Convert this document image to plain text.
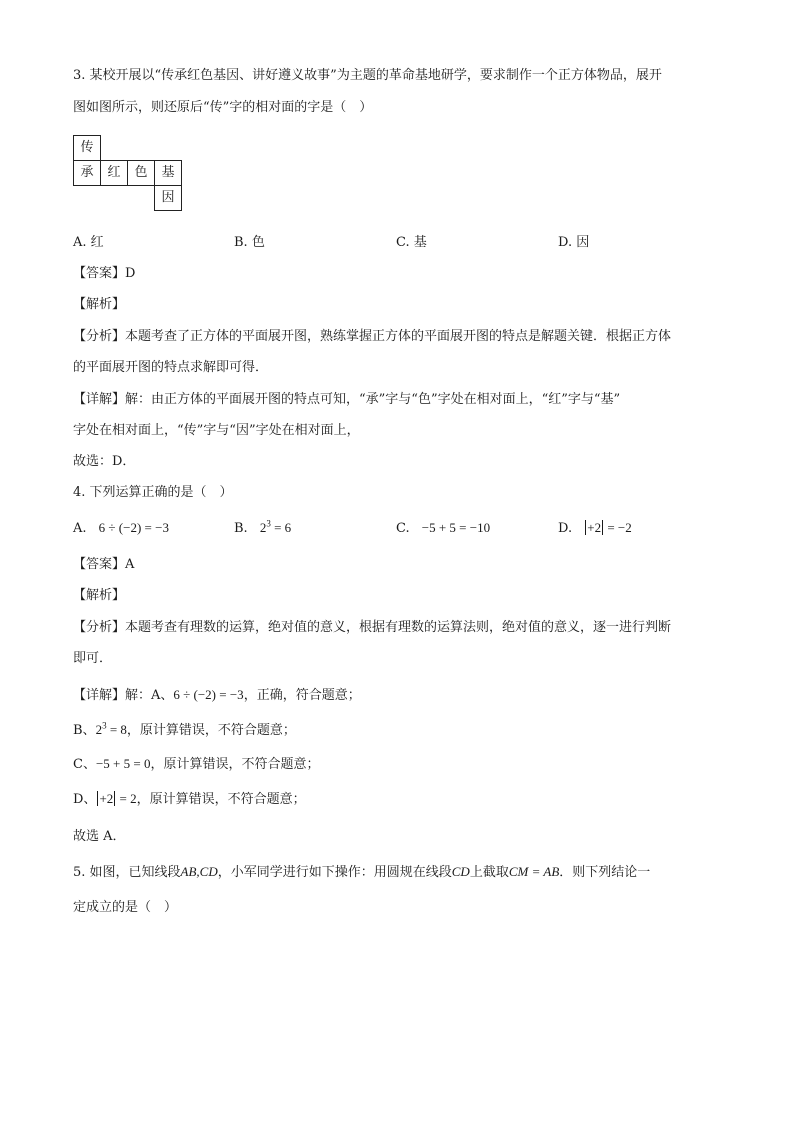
3. 某校开展以“传承红色基因、讲好遵义故事”为主题的革命基地研学，要求制作一个正方体物品，展开
图如图所示，则还原后“传”字的相对面的字是（　）
传			
承	红	色	基
			因
A. 红	B. 色	C. 基	D. 因
【答案】D
【解析】
【分析】本题考查了正方体的平面展开图，熟练掌握正方体的平面展开图的特点是解题关键．根据正方体
的平面展开图的特点求解即可得．
【详解】解：由正方体的平面展开图的特点可知，“承”字与“色”字处在相对面上，“红”字与“基”
字处在相对面上，“传”字与“因”字处在相对面上，
故选：D．
4. 下列运算正确的是（　）
A. 6 ÷ (−2) = −3	B. $2^3 = 6$	C. −5 + 5 = −10	D. +2 = −2
【答案】A
【解析】
【分析】本题考查有理数的运算，绝对值的意义，根据有理数的运算法则，绝对值的意义，逐一进行判断
即可．
【详解】解：A、6 ÷ (−2) = −3，正确，符合题意；
B、$2^3 = 8$，原计算错误，不符合题意；
C、−5 + 5 = 0，原计算错误，不符合题意；
D、 +2 = 2，原计算错误，不符合题意；
故选 A．
5. 如图，已知线段AB,CD，小军同学进行如下操作：用圆规在线段CD上截取CM = AB．则下列结论一
定成立的是（　）
